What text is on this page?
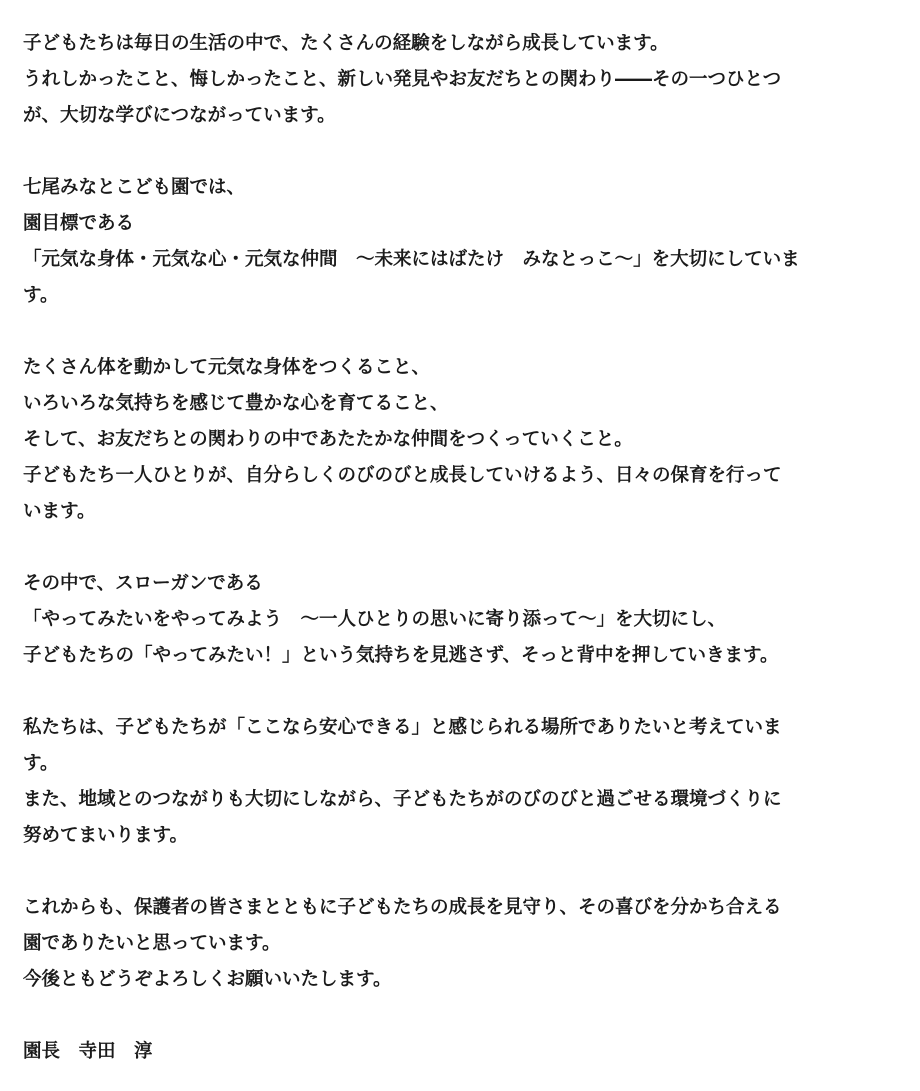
子どもたちは毎日の生活の中で、たくさんの経験をしながら成長しています。
うれしかったこと、悔しかったこと、新しい発見やお友だちとの関わり――その一つひとつ
が、大切な学びにつながっています。
七尾みなとこども園では、
園目標である
「元気な身体・元気な心・元気な仲間　～未来にはばたけ　みなとっこ～」を大切にしていま
す。
たくさん体を動かして元気な身体をつくること、
いろいろな気持ちを感じて豊かな心を育てること、
そして、お友だちとの関わりの中であたたかな仲間をつくっていくこと。
子どもたち一人ひとりが、自分らしくのびのびと成長していけるよう、日々の保育を行って
います。
その中で、スローガンである
「やってみたいをやってみよう　～一人ひとりの思いに寄り添って～」を大切にし、
子どもたちの「やってみたい！」という気持ちを見逃さず、そっと背中を押していきます。
私たちは、子どもたちが「ここなら安心できる」と感じられる場所でありたいと考えていま
す。
また、地域とのつながりも大切にしながら、子どもたちがのびのびと過ごせる環境づくりに
努めてまいります。
これからも、保護者の皆さまとともに子どもたちの成長を見守り、その喜びを分かち合える
園でありたいと思っています。
今後ともどうぞよろしくお願いいたします。
園長　寺田　淳
